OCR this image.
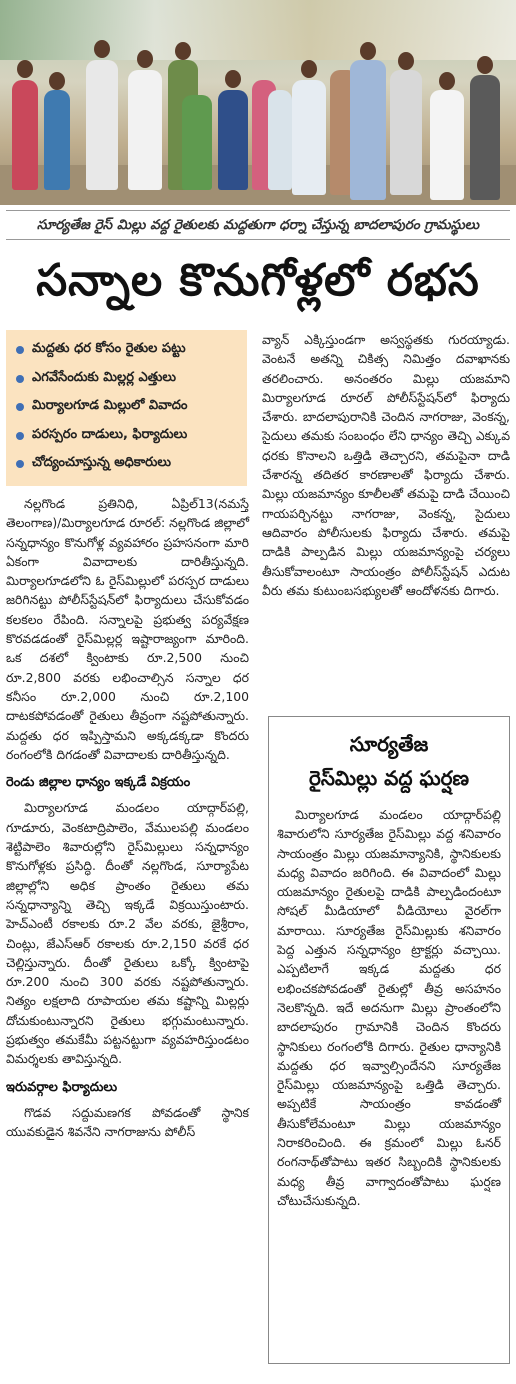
సూర్యతేజ రైస్ మిల్లు వద్ద రైతులకు మద్దతుగా ధర్నా చేస్తున్న బాదలాపురం గ్రామస్థులు
సన్నాల కొనుగోళ్లలో రభస
మద్దతు ధర కోసం రైతుల పట్టు
ఎగవేసేందుకు మిల్లర్ల ఎత్తులు
మిర్యాలగూడ మిల్లులో వివాదం
పరస్పరం దాడులు, ఫిర్యాదులు
చోద్యంచూస్తున్న అధికారులు

నల్లగొండ ప్రతినిధి, ఏప్రిల్13(నమస్తే తెలంగాణ)/మిర్యాలగూడ రూరల్: నల్లగొండ జిల్లాలో సన్నధాన్యం కొనుగోళ్ల వ్యవహారం ప్రహసనంగా మారి ఏకంగా వివాదాలకు దారితీస్తున్నది. మిర్యాలగూడలోని ఓ రైస్‌మిల్లులో పరస్పర దాడులు జరిగినట్టు పోలీస్‌స్టేషన్‌లో ఫిర్యాదులు చేసుకోవడం కలకలం రేపింది. సన్నాలపై ప్రభుత్వ పర్యవేక్షణ కొరవడడంతో రైస్‌మిల్లర్ల ఇష్టారాజ్యంగా మారింది. ఒక దశలో క్వింటాకు రూ.2,500 నుంచి రూ.2,800 వరకు లభించాల్సిన సన్నాల ధర కనీసం రూ.2,000 నుంచి రూ.2,100 దాటకపోవడంతో రైతులు తీవ్రంగా నష్టపోతున్నారు. మద్దతు ధర ఇప్పిస్తామని అక్కడక్కడా కొందరు రంగంలోకి దిగడంతో వివాదాలకు దారితీస్తున్నది.

రెండు జిల్లాల ధాన్యం ఇక్కడే విక్రయం

మిర్యాలగూడ మండలం యాద్గార్‌పల్లి, గూడూరు, వెంకటాద్రిపాలెం, వేములపల్లి మండలం శెట్టిపాలెం శివారుల్లోని రైస్‌మిల్లులు సన్నధాన్యం కొనుగోళ్లకు ప్రసిద్ధి. దీంతో నల్లగొండ, సూర్యాపేట జిల్లాల్లోని అధిక ప్రాంతం రైతులు తమ సన్నధాన్యాన్ని తెచ్చి ఇక్కడే విక్రయిస్తుంటారు. హెచ్‌ఎంటీ రకాలకు రూ.2 వేల వరకు, జైశ్రీరాం, చింట్లు, జేఎస్‌ఆర్ రకాలకు రూ.2,150 వరకే ధర చెల్లిస్తున్నారు. దీంతో రైతులు ఒక్కో క్వింటాపై రూ.200 నుంచి 300 వరకు నష్టపోతున్నారు. నిత్యం లక్షలాది రూపాయల తమ కష్టాన్ని మిల్లర్లు దోచుకుంటున్నారని రైతులు భగ్గుమంటున్నారు. ప్రభుత్వం తమకేమీ పట్టనట్టుగా వ్యవహరిస్తుండటం విమర్శలకు తావిస్తున్నది.

ఇరువర్గాల ఫిర్యాదులు

గొడవ సద్దుమణగక పోవడంతో స్థానిక యువకుడైన శివనేని నాగరాజును పోలీస్

వ్యాన్ ఎక్కిస్తుండగా అస్వస్థతకు గురయ్యాడు. వెంటనే అతన్ని చికిత్స నిమిత్తం దవాఖానకు తరలించారు. అనంతరం మిల్లు యజమాని మిర్యాలగూడ రూరల్ పోలీస్‌స్టేషన్‌లో ఫిర్యాదు చేశారు. బాదలాపురానికి చెందిన నాగరాజు, వెంకన్న, సైదులు తమకు సంబంధం లేని ధాన్యం తెచ్చి ఎక్కువ ధరకు కొనాలని ఒత్తిడి తెచ్చారని, తమపైనా దాడి చేశారన్న తదితర కారణాలతో ఫిర్యాదు చేశారు. మిల్లు యజమాన్యం కూలీలతో తమపై దాడి చేయించి గాయపర్చినట్టు నాగరాజు, వెంకన్న, సైదులు ఆదివారం పోలీసులకు ఫిర్యాదు చేశారు. తమపై దాడికి పాల్పడిన మిల్లు యజమాన్యంపై చర్యలు తీసుకోవాలంటూ సాయంత్రం పోలీస్‌స్టేషన్ ఎదుట వీరు తమ కుటుంబసభ్యులతో ఆందోళనకు దిగారు.

సూర్యతేజ
రైస్‌మిల్లు వద్ద ఘర్షణ

మిర్యాలగూడ మండలం యాద్గార్‌పల్లి శివారులోని సూర్యతేజ రైస్‌మిల్లు వద్ద శనివారం సాయంత్రం మిల్లు యజమాన్యానికి, స్థానికులకు మధ్య వివాదం జరిగింది. ఈ వివాదంలో మిల్లు యజమాన్యం రైతులపై దాడికి పాల్పడిందంటూ సోషల్ మీడియాలో వీడియోలు వైరల్‌గా మారాయి. సూర్యతేజ రైస్‌మిల్లుకు శనివారం పెద్ద ఎత్తున సన్నధాన్యం ట్రాక్టర్లు వచ్చాయి. ఎప్పటిలాగే ఇక్కడ మద్దతు ధర లభించకపోవడంతో రైతుల్లో తీవ్ర అసహనం నెలకొన్నది. ఇదే అదనుగా మిల్లు ప్రాంతంలోని బాదలాపురం గ్రామానికి చెందిన కొందరు స్థానికులు రంగంలోకి దిగారు. రైతుల ధాన్యానికి మద్దతు ధర ఇవ్వాల్సిందేనని సూర్యతేజ రైస్‌మిల్లు యజమాన్యంపై ఒత్తిడి తెచ్చారు. అప్పటికే సాయంత్రం కావడంతో తీసుకోలేమంటూ మిల్లు యజమాన్యం నిరాకరించింది. ఈ క్రమంలో మిల్లు ఓనర్ రంగనాథ్‌తోపాటు ఇతర సిబ్బందికి స్థానికులకు మధ్య తీవ్ర వాగ్వాదంతోపాటు ఘర్షణ చోటుచేసుకున్నది.
